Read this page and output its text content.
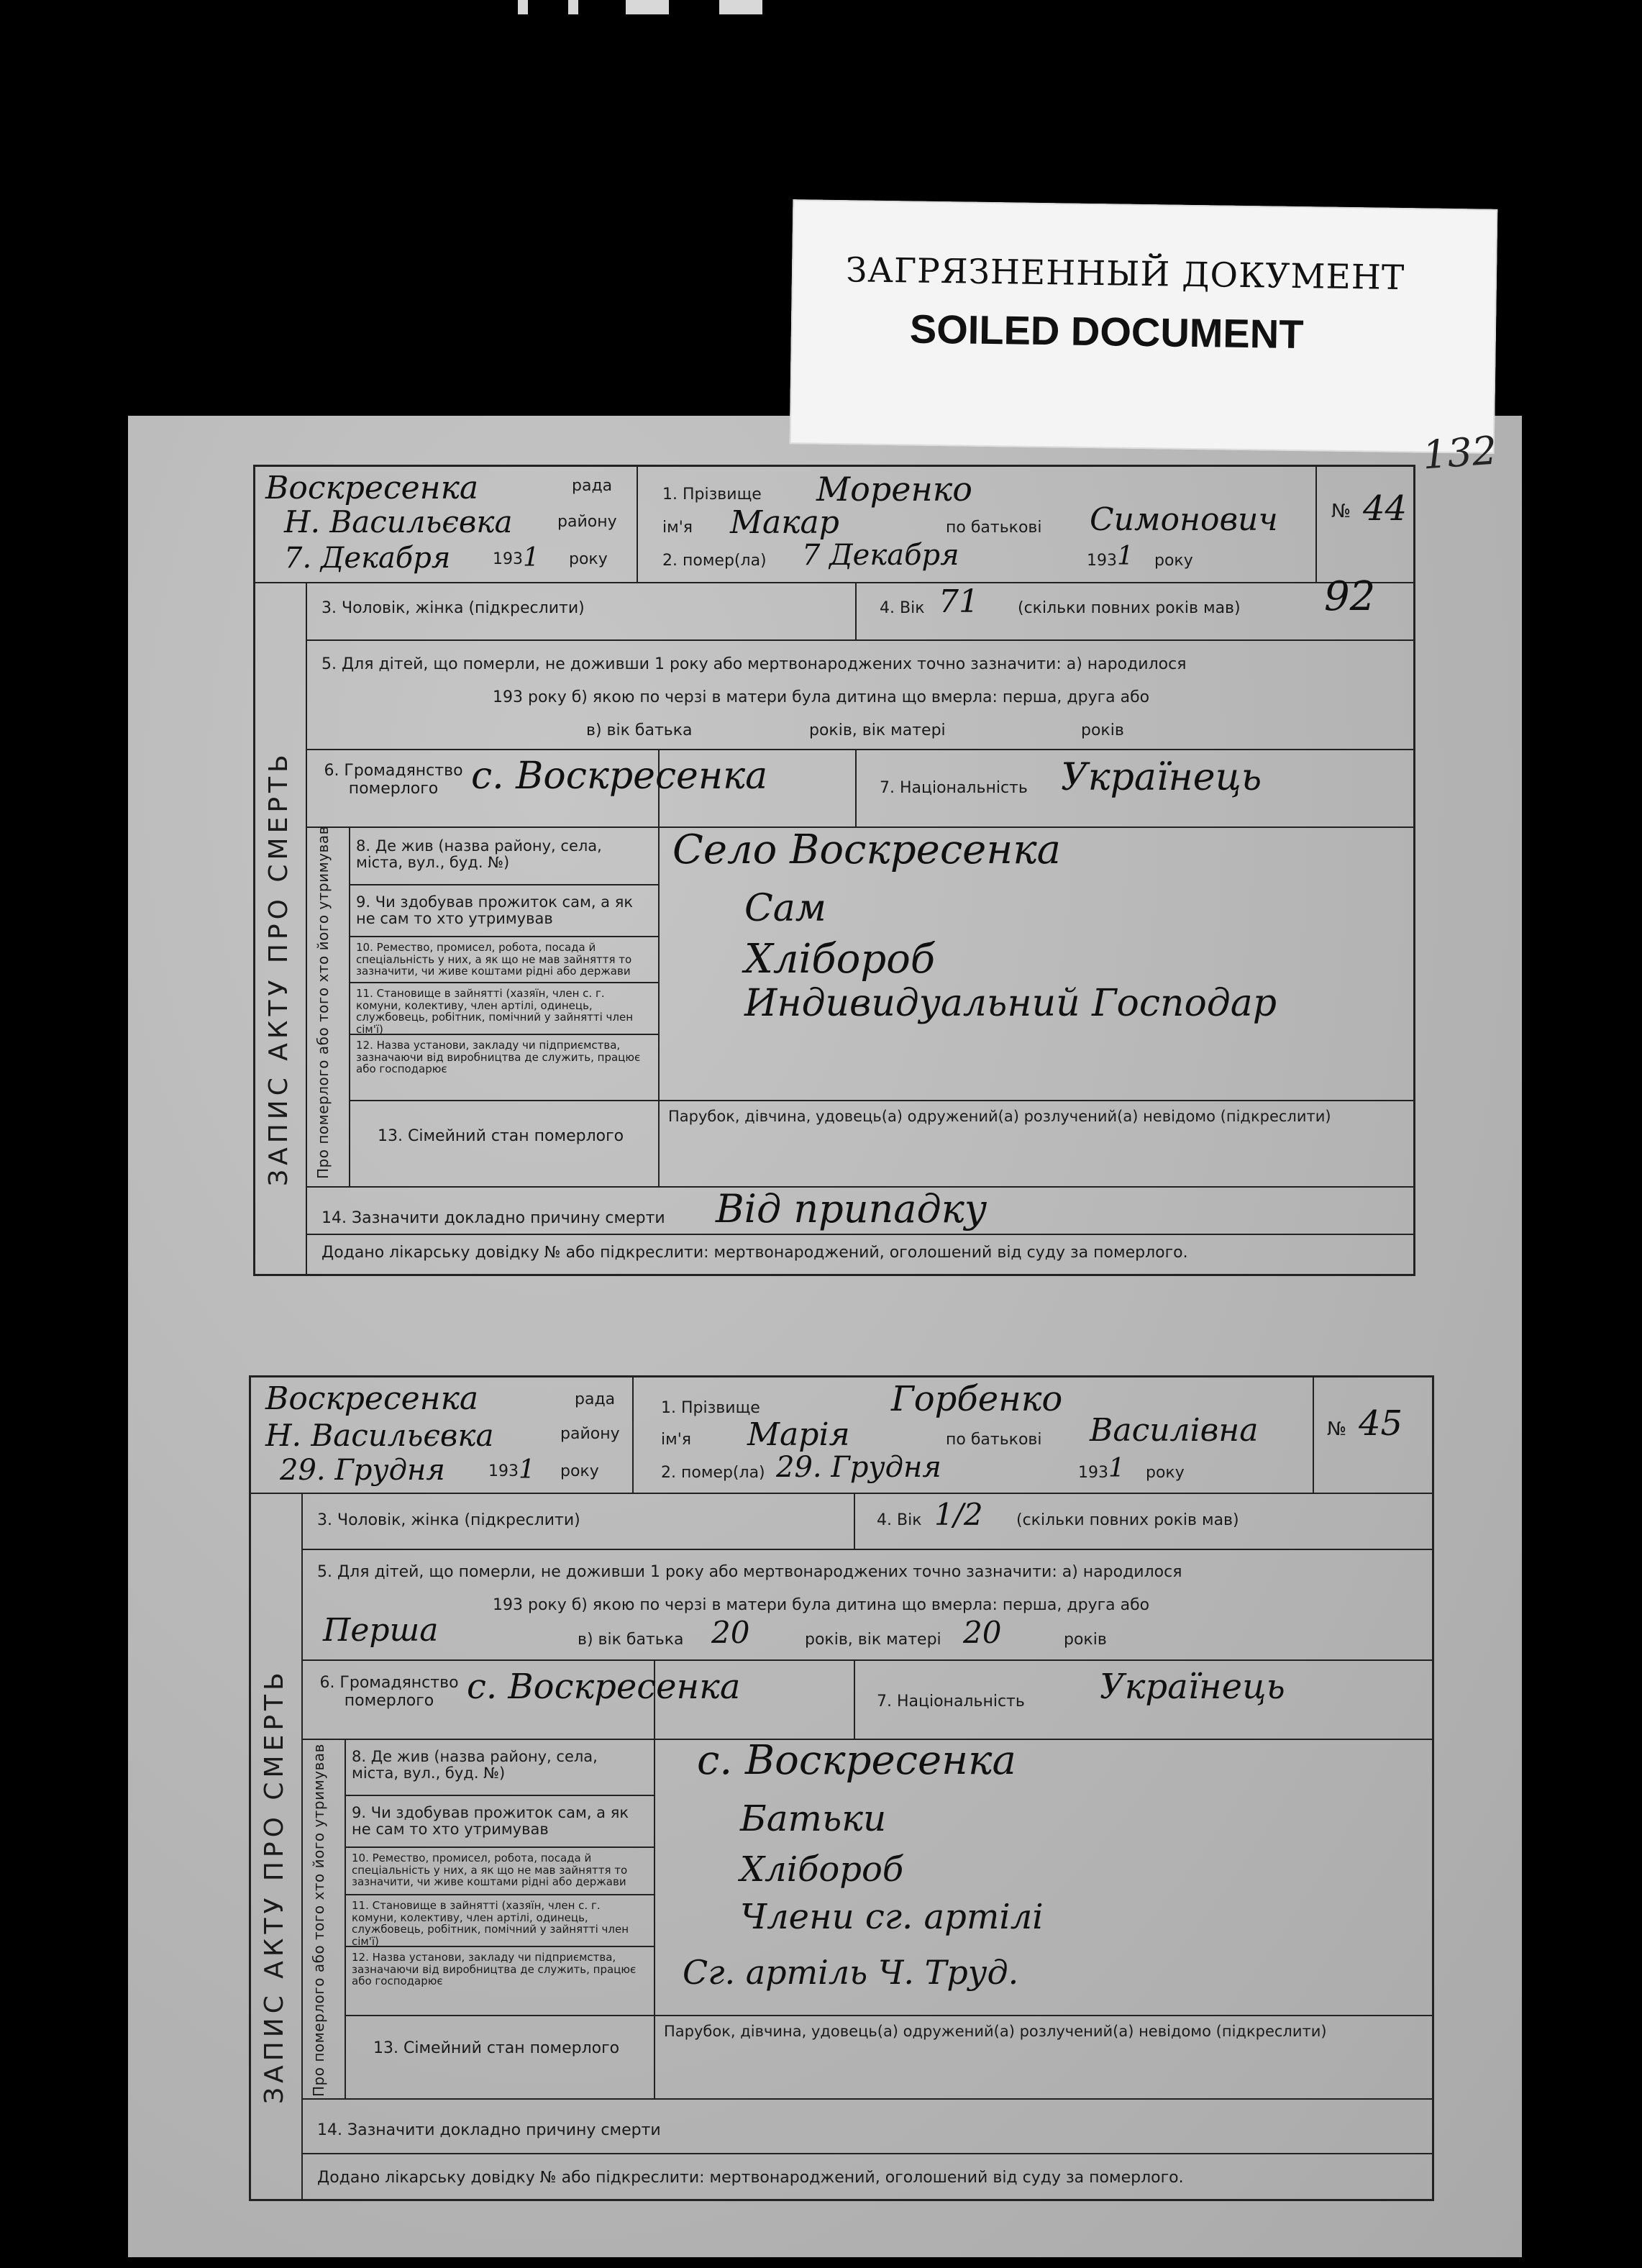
ЗАГРЯЗНЕННЫЙ ДОКУМЕНТ
SOILED DOCUMENT
132
Воскресенка	рада
Н. Васильєвка	району
7. Декабря	193 1 року
1. Прізвище Моренко
ім'я Макар	по батькові Симонович
2. помер(ла) 7 Декабря	193 1 року
№ 44
ЗАПИС АКТУ ПРО СМЕРТЬ
3. Чоловік, жінка (підкреслити)	4. Вік 71 (скільки повних років мав) 92
5. Для дітей, що померли, не доживши 1 року або мертвонароджених точно зазначити: а) народилося
193 року б) якою по черзі в матери була дитина що вмерла: перша, друга або
в) вік батька	років, вік матері	років
6. Громадянство померлого с. Воскресенка	7. Національність Українець
Про померлого або того хто його утримував 8. Де жив (назва району, села, міста, вул., буд. №)	Село Воскресенка
9. Чи здобував прожиток сам, а як не сам то хто утримував	Сам
10. Ремество, промисел, робота, посада й спеціальність у них, а як що не мав зайняття то зазначити, чи живе коштами рідні або держави	Хлібороб
11. Становище в зайнятті (хазяїн, член с. г. комуни, колективу, член артілі, одинець, службовець, робітник, помічний у зайнятті член сім'ї)
Индивидуальний Господар
12. Назва установи, закладу чи підприємства, зазначаючи від виробництва де служить, працює або господарює
13. Сімейний стан померлого
Парубок, дівчина, удовець(а) одружений(а) розлучений(а) невідомо (підкреслити)
14. Зазначити докладно причину смерти Від припадку
Додано лікарську довідку № або підкреслити: мертвонароджений, оголошений від суду за померлого.
Воскресенка	рада
Н. Васильєвка	району
29. Грудня	193 1 року
1. Прізвище	Горбенко
ім'я Марія	по батькові Василівна
2. помер(ла) 29. Грудня	193 1 року
№ 45
ЗАПИС АКТУ ПРО СМЕРТЬ
3. Чоловік, жінка (підкреслити)	4. Вік 1/2 (скільки повних років мав)
5. Для дітей, що померли, не доживши 1 року або мертвонароджених точно зазначити: а) народилося
193 року б) якою по черзі в матери була дитина що вмерла: перша, друга або
Перша	в) вік батька 20	років, вік матері 20	років
6. Громадянство померлого с. Воскресенка	7. Національність Українець
Про померлого або того хто його утримував 8. Де жив (назва району, села, міста, вул., буд. №)	с. Воскресенка
9. Чи здобував прожиток сам, а як не сам то хто утримував	Батьки
10. Ремество, промисел, робота, посада й спеціальність у них, а як що не мав зайняття то зазначити, чи живе коштами рідні або держави	Хлібороб
11. Становище в зайнятті (хазяїн, член с. г. комуни, колективу, член артілі, одинець, службовець, робітник, помічний у зайнятті член сім'ї)
Члени сг. артілі
12. Назва установи, закладу чи підприємства, зазначаючи від виробництва де служить, працює або господарює	Сг. артіль Ч. Труд.
13. Сімейний стан померлого
Парубок, дівчина, удовець(а) одружений(а) розлучений(а) невідомо (підкреслити)
14. Зазначити докладно причину смерти
Додано лікарську довідку № або підкреслити: мертвонароджений, оголошений від суду за померлого.
